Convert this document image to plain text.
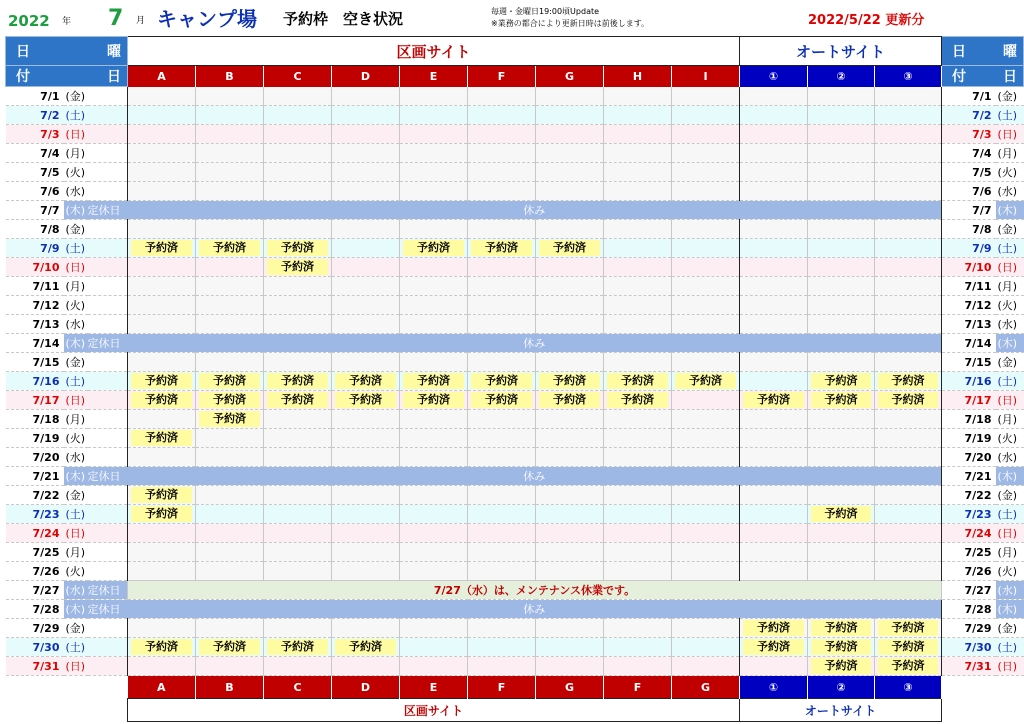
2022 年 7 月 キャンプ場 予約枠　空き状況	毎週・金曜日19:00頃Update
※業務の都合により更新日時は前後します。	2022/5/22 更新分
日 曜			区画サイト									オートサイト			日 曜	

付 日			A	B	C	D	E	F	G	H	I	①	②	③	付 日	

7/1	(金)														7/1	(金)
7/2	(土)														7/2	(土)
7/3	(日)														7/3	(日)
7/4	(月)														7/4	(月)
7/5	(火)														7/5	(火)
7/6	(水)														7/6	(水)
7/7	(木)	定休日	休み												7/7	(木)
7/8	(金)														7/8	(金)
7/9	(土)		予約済	予約済	予約済		予約済	予約済	予約済						7/9	(土)
7/10	(日)				予約済										7/10	(日)
7/11	(月)														7/11	(月)
7/12	(火)														7/12	(火)
7/13	(水)														7/13	(水)
7/14	(木)	定休日	休み												7/14	(木)
7/15	(金)														7/15	(金)
7/16	(土)		予約済	予約済	予約済	予約済	予約済	予約済	予約済	予約済	予約済		予約済	予約済	7/16	(土)
7/17	(日)		予約済	予約済	予約済	予約済	予約済	予約済	予約済	予約済		予約済	予約済	予約済	7/17	(日)
7/18	(月)			予約済											7/18	(月)
7/19	(火)		予約済												7/19	(火)
7/20	(水)														7/20	(水)
7/21	(木)	定休日	休み												7/21	(木)
7/22	(金)		予約済												7/22	(金)
7/23	(土)		予約済										予約済		7/23	(土)
7/24	(日)														7/24	(日)
7/25	(月)														7/25	(月)
7/26	(火)														7/26	(火)
7/27	(水)	定休日	7/27（水）は、メンテナンス休業です。												7/27	(水)
7/28	(木)	定休日	休み												7/28	(木)
7/29	(金)											予約済	予約済	予約済	7/29	(金)
7/30	(土)		予約済	予約済	予約済	予約済						予約済	予約済	予約済	7/30	(土)
7/31	(日)												予約済	予約済	7/31	(日)
			A	B	C	D	E	F	G	F	G	①	②	③		
			区画サイト									オートサイト				
